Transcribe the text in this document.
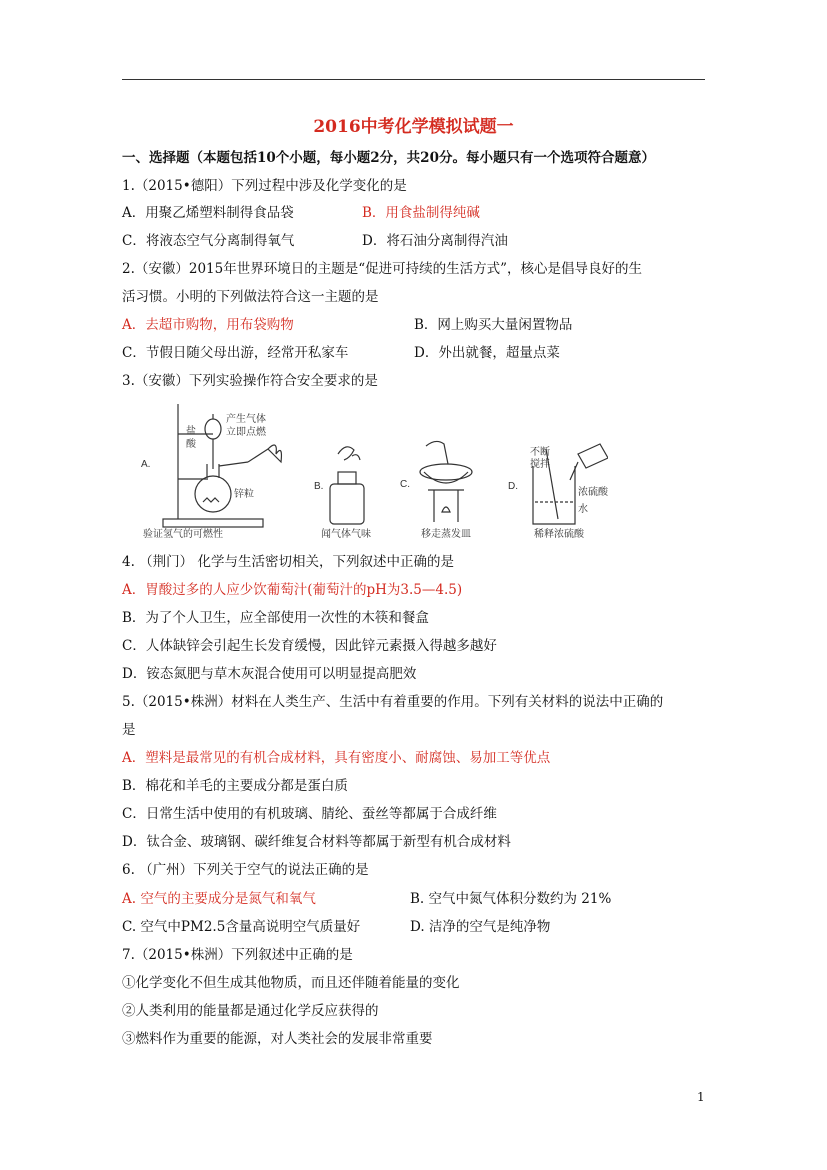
2016中考化学模拟试题一
一、选择题（本题包括10个小题，每小题2分，共20分。每小题只有一个选项符合题意）
1.（2015•德阳）下列过程中涉及化学变化的是
A．用聚乙烯塑料制得食品袋	B．用食盐制得纯碱
C．将液态空气分离制得氧气	D．将石油分离制得汽油
2.（安徽）2015年世界环境日的主题是“促进可持续的生活方式”，核心是倡导良好的生
活习惯。小明的下列做法符合这一主题的是
A．去超市购物，用布袋购物	B．网上购买大量闲置物品
C．节假日随父母出游，经常开私家车	D．外出就餐，超量点菜
3.（安徽）下列实验操作符合安全要求的是
A.
盐
酸
产生气体
立即点燃
锌粒
验证氢气的可燃性
B.
闻气体气味
C.
移走蒸发皿
D.
不断
搅拌
浓硫酸
水
稀释浓硫酸
4. （荆门） 化学与生活密切相关，下列叙述中正确的是
A．胃酸过多的人应少饮葡萄汁(葡萄汁的pH为3.5—4.5)
B．为了个人卫生，应全部使用一次性的木筷和餐盒
C．人体缺锌会引起生长发育缓慢，因此锌元素摄入得越多越好
D．铵态氮肥与草木灰混合使用可以明显提高肥效
5.（2015•株洲）材料在人类生产、生活中有着重要的作用。下列有关材料的说法中正确的
是
A．塑料是最常见的有机合成材料，具有密度小、耐腐蚀、易加工等优点
B．棉花和羊毛的主要成分都是蛋白质
C．日常生活中使用的有机玻璃、腈纶、蚕丝等都属于合成纤维
D．钛合金、玻璃钢、碳纤维复合材料等都属于新型有机合成材料
6. （广州）下列关于空气的说法正确的是
A. 空气的主要成分是氮气和氧气	B. 空气中氮气体积分数约为 21%
C. 空气中PM2.5含量高说明空气质量好	D. 洁净的空气是纯净物
7.（2015•株洲）下列叙述中正确的是
①化学变化不但生成其他物质，而且还伴随着能量的变化
②人类利用的能量都是通过化学反应获得的
③燃料作为重要的能源，对人类社会的发展非常重要
1
